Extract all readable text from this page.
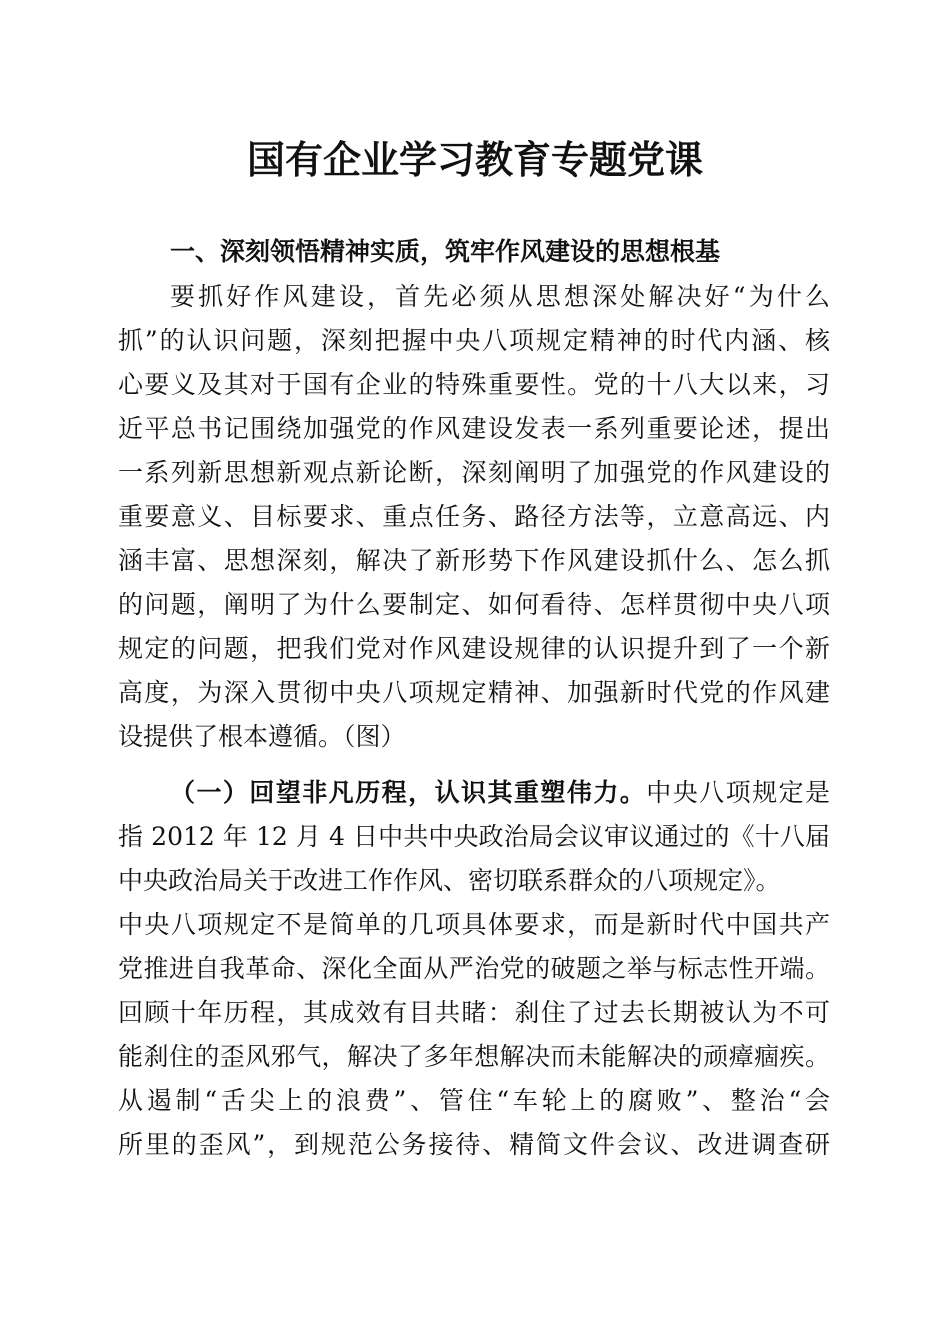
国有企业学习教育专题党课
一、深刻领悟精神实质，筑牢作风建设的思想根基
要抓好作风建设，首先必须从思想深处解决好“为什么
抓”的认识问题，深刻把握中央八项规定精神的时代内涵、核
心要义及其对于国有企业的特殊重要性。党的十八大以来，习
近平总书记围绕加强党的作风建设发表一系列重要论述，提出
一系列新思想新观点新论断，深刻阐明了加强党的作风建设的
重要意义、目标要求、重点任务、路径方法等，立意高远、内
涵丰富、思想深刻，解决了新形势下作风建设抓什么、怎么抓
的问题，阐明了为什么要制定、如何看待、怎样贯彻中央八项
规定的问题，把我们党对作风建设规律的认识提升到了一个新
高度，为深入贯彻中央八项规定精神、加强新时代党的作风建
设提供了根本遵循。（图）
（一）回望非凡历程，认识其重塑伟力。中央八项规定是
指 2012 年 12 月 4 日中共中央政治局会议审议通过的《十八届
中央政治局关于改进工作作风、密切联系群众的八项规定》。
中央八项规定不是简单的几项具体要求，而是新时代中国共产
党推进自我革命、深化全面从严治党的破题之举与标志性开端。
回顾十年历程，其成效有目共睹：刹住了过去长期被认为不可
能刹住的歪风邪气，解决了多年想解决而未能解决的顽瘴痼疾。
从遏制“舌尖上的浪费”、管住“车轮上的腐败”、整治“会
所里的歪风”，到规范公务接待、精简文件会议、改进调查研
